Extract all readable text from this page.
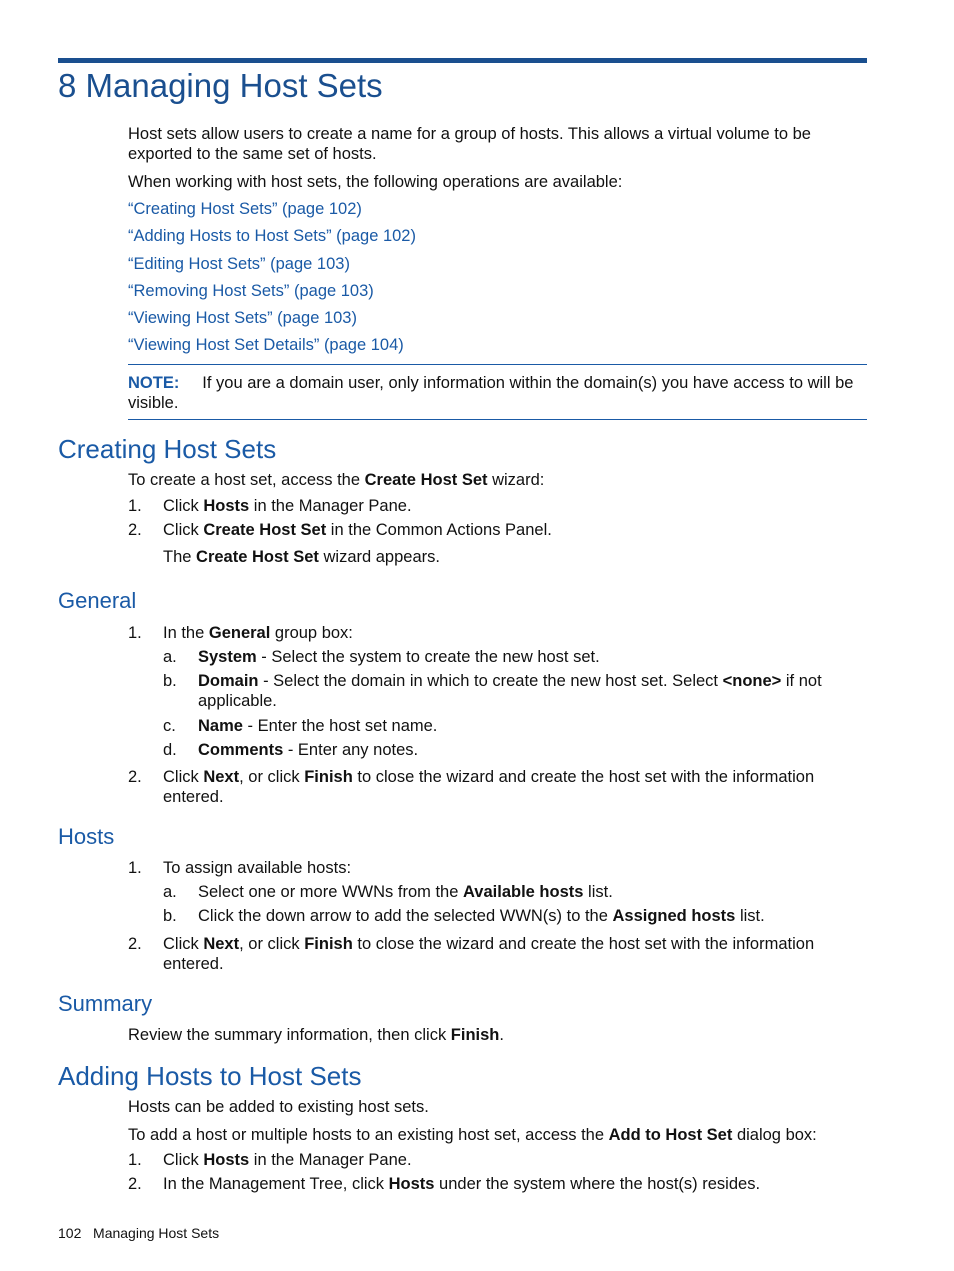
8 Managing Host Sets
Host sets allow users to create a name for a group of hosts. This allows a virtual volume to be exported to the same set of hosts.
When working with host sets, the following operations are available:
“Creating Host Sets” (page 102)
“Adding Hosts to Host Sets” (page 102)
“Editing Host Sets” (page 103)
“Removing Host Sets” (page 103)
“Viewing Host Sets” (page 103)
“Viewing Host Set Details” (page 104)
NOTE: If you are a domain user, only information within the domain(s) you have access to will be visible.
Creating Host Sets
To create a host set, access the Create Host Set wizard:
1.	Click Hosts in the Manager Pane.
2.	Click Create Host Set in the Common Actions Panel.
The Create Host Set wizard appears.
General
1.	In the General group box:
a.	System - Select the system to create the new host set.
b.	Domain - Select the domain in which to create the new host set. Select <none> if not applicable.
c.	Name - Enter the host set name.
d.	Comments - Enter any notes.
2.	Click Next, or click Finish to close the wizard and create the host set with the information entered.
Hosts
1.	To assign available hosts:
a.	Select one or more WWNs from the Available hosts list.
b.	Click the down arrow to add the selected WWN(s) to the Assigned hosts list.
2.	Click Next, or click Finish to close the wizard and create the host set with the information entered.
Summary
Review the summary information, then click Finish.
Adding Hosts to Host Sets
Hosts can be added to existing host sets.
To add a host or multiple hosts to an existing host set, access the Add to Host Set dialog box:
1.	Click Hosts in the Manager Pane.
2.	In the Management Tree, click Hosts under the system where the host(s) resides.
102 Managing Host Sets
